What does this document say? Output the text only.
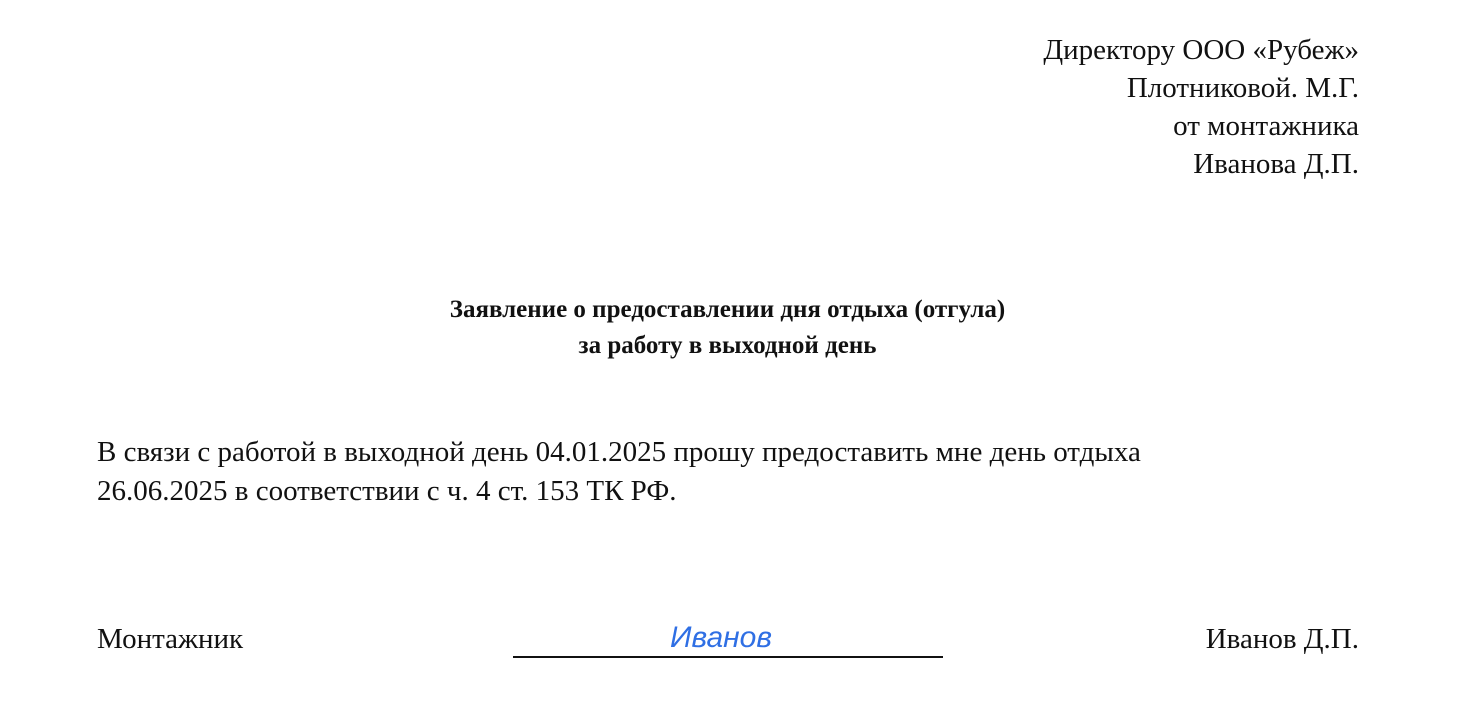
Директору ООО «Рубеж»
Плотниковой. М.Г.
от монтажника
Иванова Д.П.
Заявление о предоставлении дня отдыха (отгула)
за работу в выходной день
В связи с работой в выходной день 04.01.2025 прошу предоставить мне день отдыха
26.06.2025 в соответствии с ч. 4 ст. 153 ТК РФ.
Монтажник	Иванов	Иванов Д.П.
